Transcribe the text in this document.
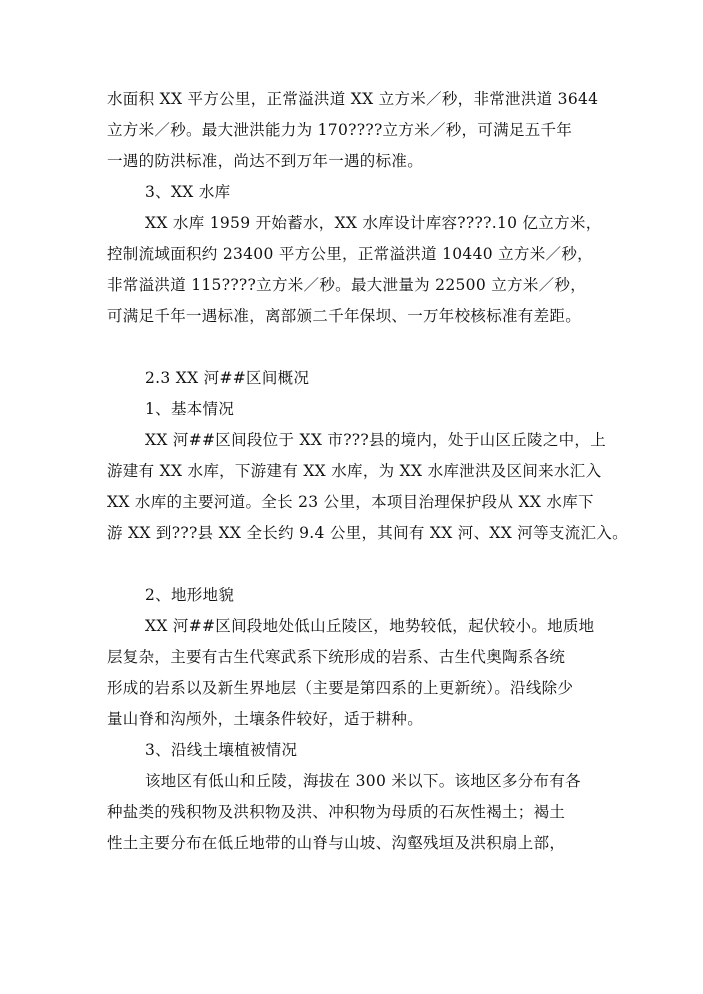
水面积 XX 平方公里，正常溢洪道 XX 立方米／秒，非常泄洪道 3644
立方米／秒。最大泄洪能力为 170????立方米／秒，可满足五千年
一遇的防洪标准，尚达不到万年一遇的标准。
3、XX 水库
XX 水库 1959 开始蓄水，XX 水库设计库容????.10 亿立方米，
控制流域面积约 23400 平方公里，正常溢洪道 10440 立方米／秒，
非常溢洪道 115????立方米／秒。最大泄量为 22500 立方米／秒，
可满足千年一遇标准，离部颁二千年保坝、一万年校核标准有差距。
2.3 XX 河##区间概况
1、基本情况
XX 河##区间段位于 XX 市???县的境内，处于山区丘陵之中，上
游建有 XX 水库，下游建有 XX 水库，为 XX 水库泄洪及区间来水汇入
XX 水库的主要河道。全长 23 公里，本项目治理保护段从 XX 水库下
游 XX 到???县 XX 全长约 9.4 公里，其间有 XX 河、XX 河等支流汇入。
2、地形地貌
XX 河##区间段地处低山丘陵区，地势较低，起伏较小。地质地
层复杂，主要有古生代寒武系下统形成的岩系、古生代奥陶系各统
形成的岩系以及新生界地层（主要是第四系的上更新统）。沿线除少
量山脊和沟颅外，土壤条件较好，适于耕种。
3、沿线土壤植被情况
该地区有低山和丘陵，海拔在 300 米以下。该地区多分布有各
种盐类的残积物及洪积物及洪、冲积物为母质的石灰性褐土；褐土
性土主要分布在低丘地带的山脊与山坡、沟壑残垣及洪积扇上部，
